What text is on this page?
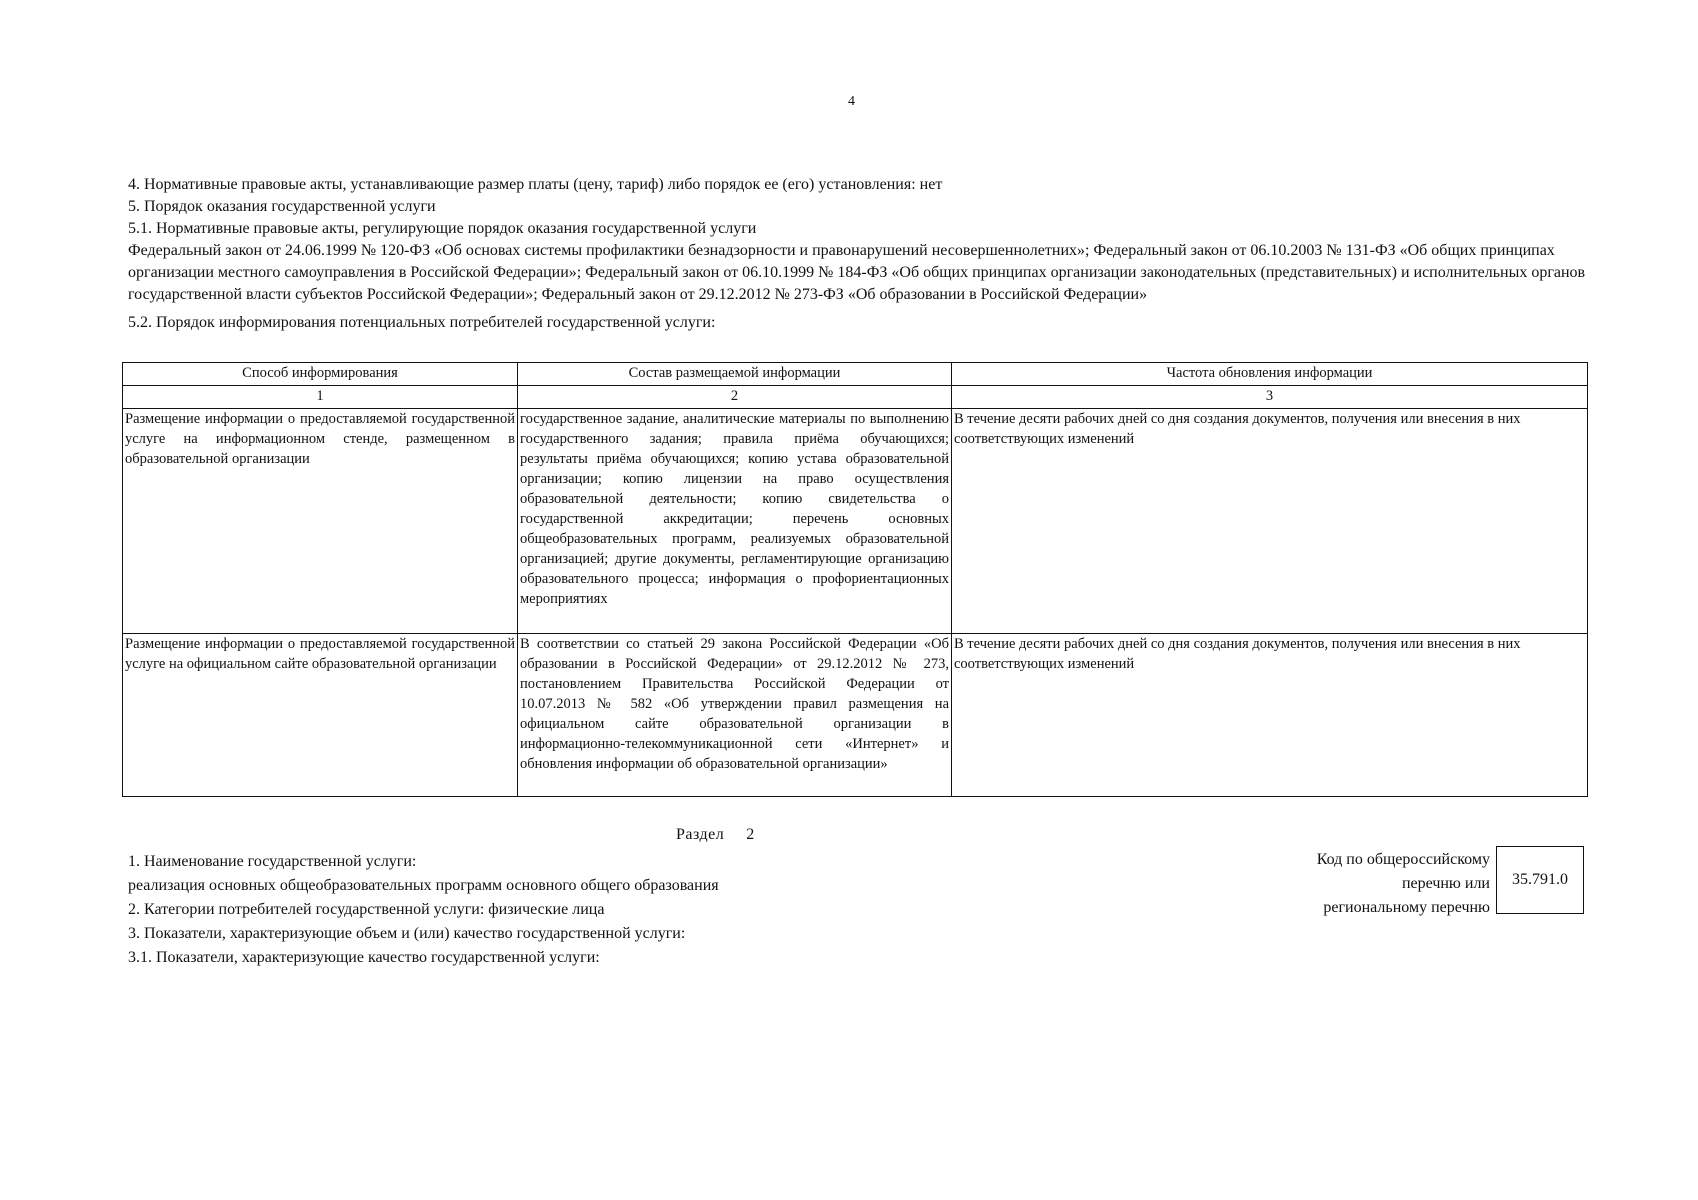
4

4. Нормативные правовые акты, устанавливающие размер платы (цену, тариф) либо порядок ее (его) установления: нет

5. Порядок оказания государственной услуги

5.1. Нормативные правовые акты, регулирующие порядок оказания государственной услуги

Федеральный закон от 24.06.1999 № 120-ФЗ «Об основах системы профилактики безнадзорности и правонарушений несовершеннолетних»; Федеральный закон от 06.10.2003 № 131-ФЗ «Об общих принципах организации местного самоуправления в Российской Федерации»; Федеральный закон от 06.10.1999 № 184-ФЗ «Об общих принципах организации законодательных (представительных) и исполнительных органов государственной власти субъектов Российской Федерации»; Федеральный закон от 29.12.2012 № 273-ФЗ «Об образовании в Российской Федерации»

5.2. Порядок информирования потенциальных потребителей государственной услуги:

Способ информирования	Состав размещаемой информации	Частота обновления информации
1	2	3
Размещение информации о предоставляемой государственной услуге на информационном стенде, размещенном в образовательной организации	государственное задание, аналитические материалы по выполнению государственного задания; правила приёма обучающихся; результаты приёма обучающихся; копию устава образовательной организации; копию лицензии на право осуществления образовательной деятельности; копию свидетельства о государственной аккредитации; перечень основных общеобразовательных программ, реализуемых образовательной организацией; другие документы, регламентирующие организацию образовательного процесса; информация о профориентационных мероприятиях	В течение десяти рабочих дней со дня создания документов, получения или внесения в них соответствующих изменений
Размещение информации о предоставляемой государственной услуге на официальном сайте образовательной организации	В соответствии со статьей 29 закона Российской Федерации «Об образовании в Российской Федерации» от 29.12.2012 № 273, постановлением Правительства Российской Федерации от 10.07.2013 № 582 «Об утверждении правил размещения на официальном сайте образовательной организации в информационно-телекоммуникационной сети «Интернет» и обновления информации об образовательной организации»	В течение десяти рабочих дней со дня создания документов, получения или внесения в них соответствующих изменений
Раздел 2

1. Наименование государственной услуги:

реализация основных общеобразовательных программ основного общего образования

2. Категории потребителей государственной услуги: физические лица

3. Показатели, характеризующие объем и (или) качество государственной услуги:

3.1. Показатели, характеризующие качество государственной услуги:

Код по общероссийскому

перечню или

региональному перечню

35.791.0
